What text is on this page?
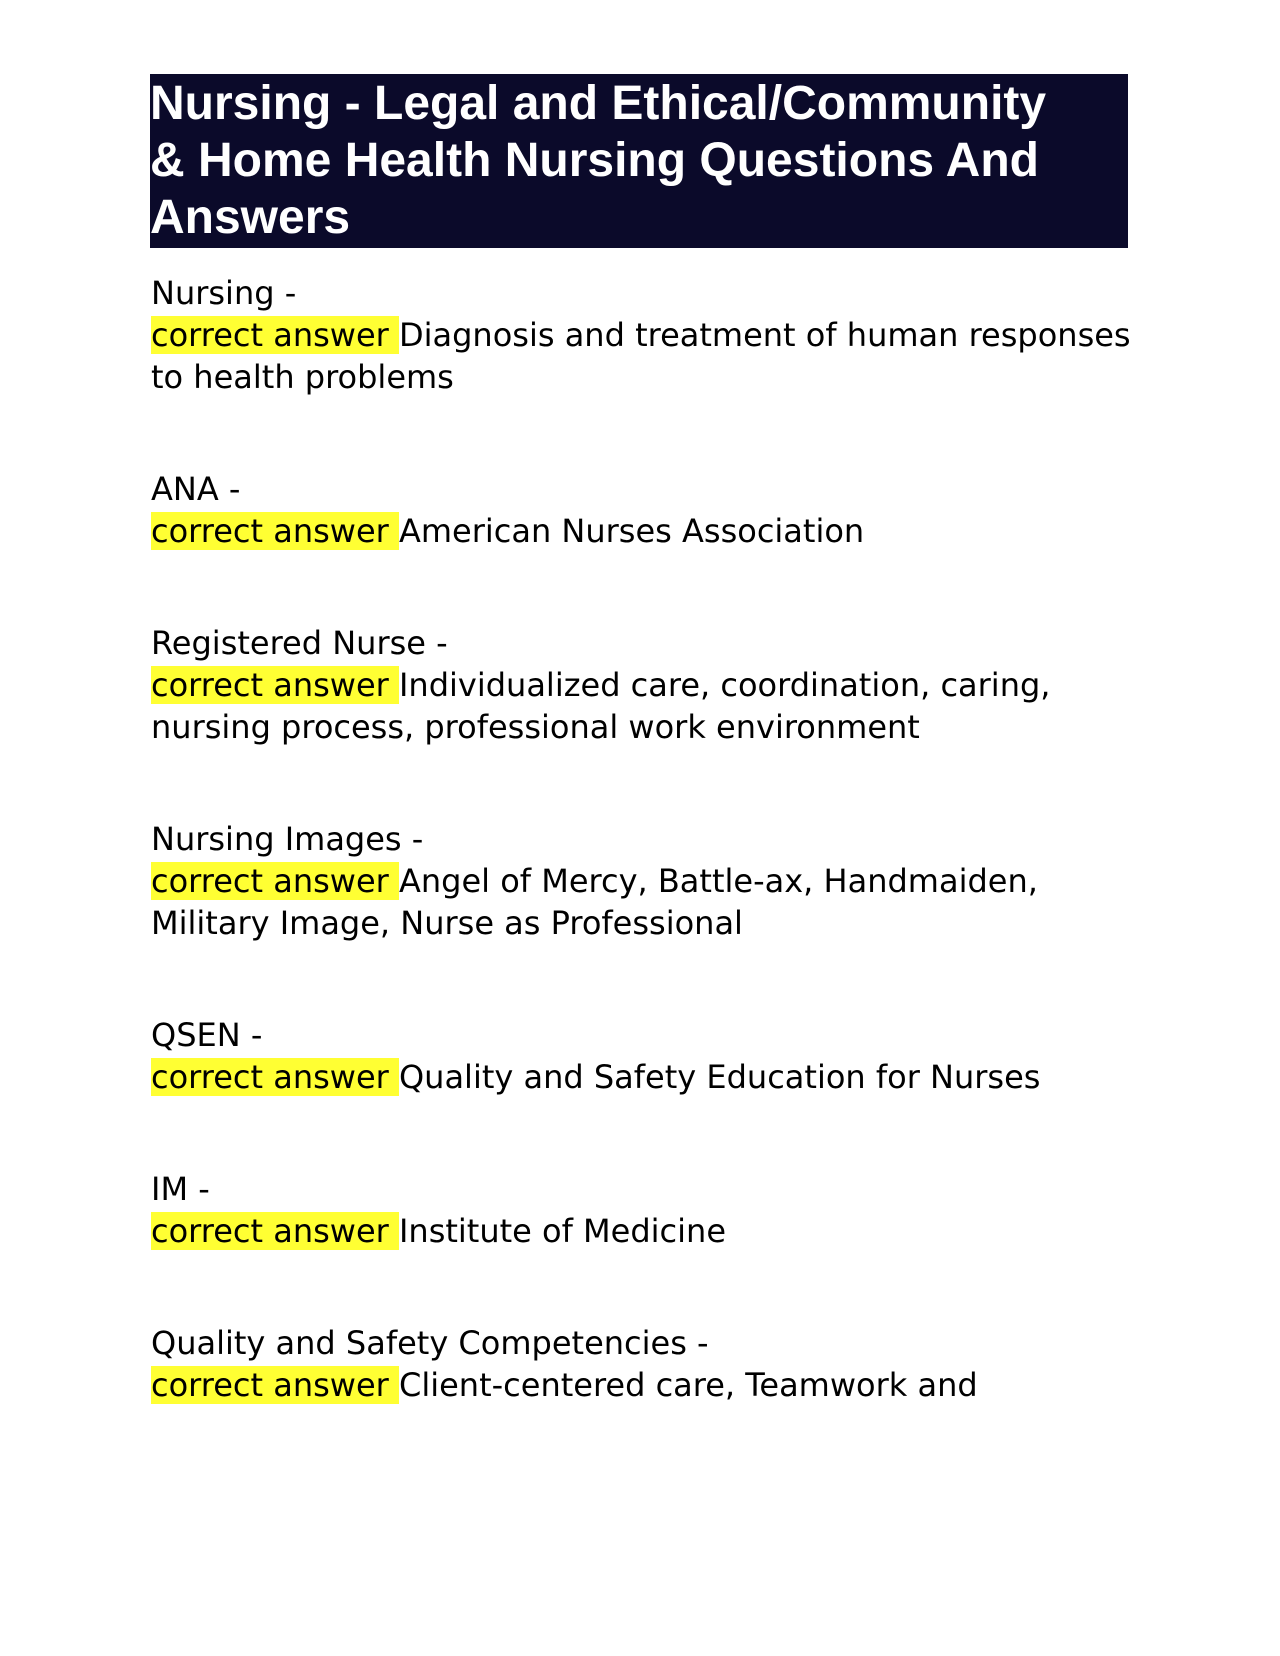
Nursing - Legal and Ethical/Community
& Home Health Nursing Questions And
Answers
Nursing -
correct answer Diagnosis and treatment of human responses to health problems
ANA -
correct answer American Nurses Association
Registered Nurse -
correct answer Individualized care, coordination, caring, nursing process, professional work environment
Nursing Images -
correct answer Angel of Mercy, Battle-ax, Handmaiden, Military Image, Nurse as Professional
QSEN -
correct answer Quality and Safety Education for Nurses
IM -
correct answer Institute of Medicine
Quality and Safety Competencies -
correct answer Client-centered care, Teamwork and
